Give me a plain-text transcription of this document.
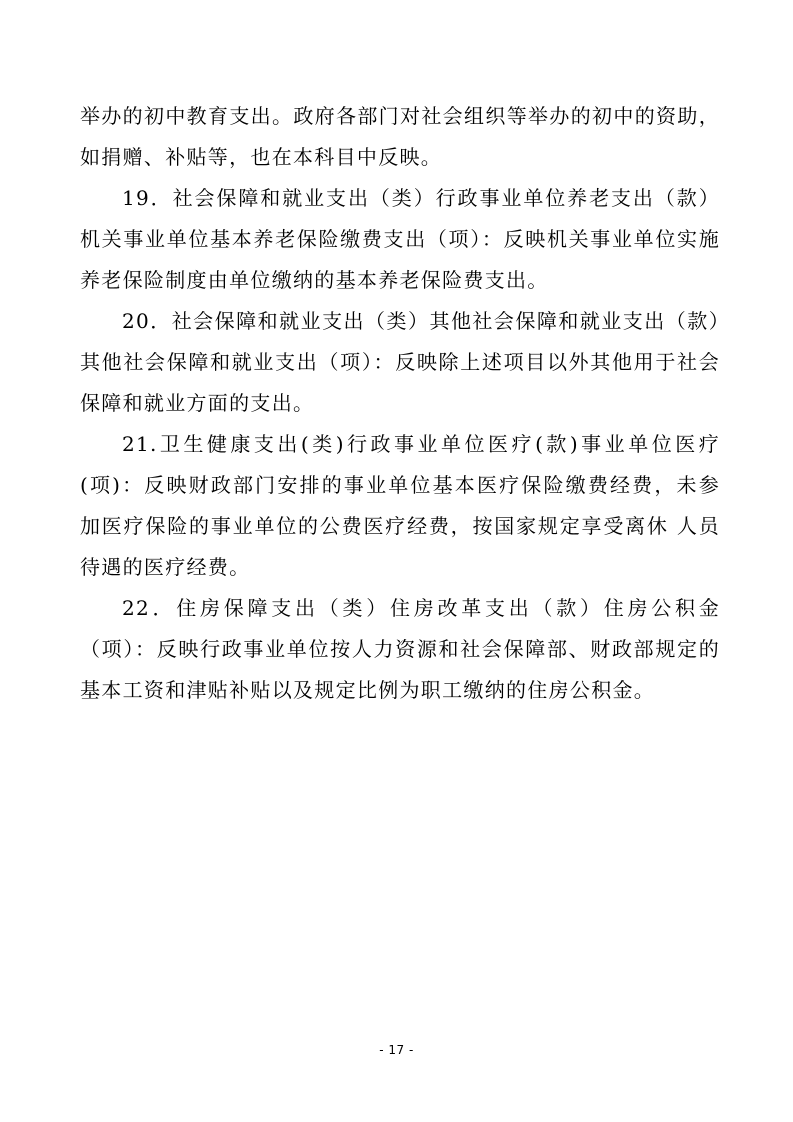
举办的初中教育支出。政府各部门对社会组织等举办的初中的资助，如捐赠、补贴等，也在本科目中反映。

19．社会保障和就业支出（类）行政事业单位养老支出（款）机关事业单位基本养老保险缴费支出（项）：反映机关事业单位实施养老保险制度由单位缴纳的基本养老保险费支出。

20．社会保障和就业支出（类）其他社会保障和就业支出（款）其他社会保障和就业支出（项）：反映除上述项目以外其他用于社会保障和就业方面的支出。

21.卫生健康支出(类)行政事业单位医疗(款)事业单位医疗(项)：反映财政部门安排的事业单位基本医疗保险缴费经费，未参 加医疗保险的事业单位的公费医疗经费，按国家规定享受离休 人员待遇的医疗经费。

22．住房保障支出（类）住房改革支出（款）住房公积金（项）：反映行政事业单位按人力资源和社会保障部、财政部规定的 基本工资和津贴补贴以及规定比例为职工缴纳的住房公积金。

- 17 -
